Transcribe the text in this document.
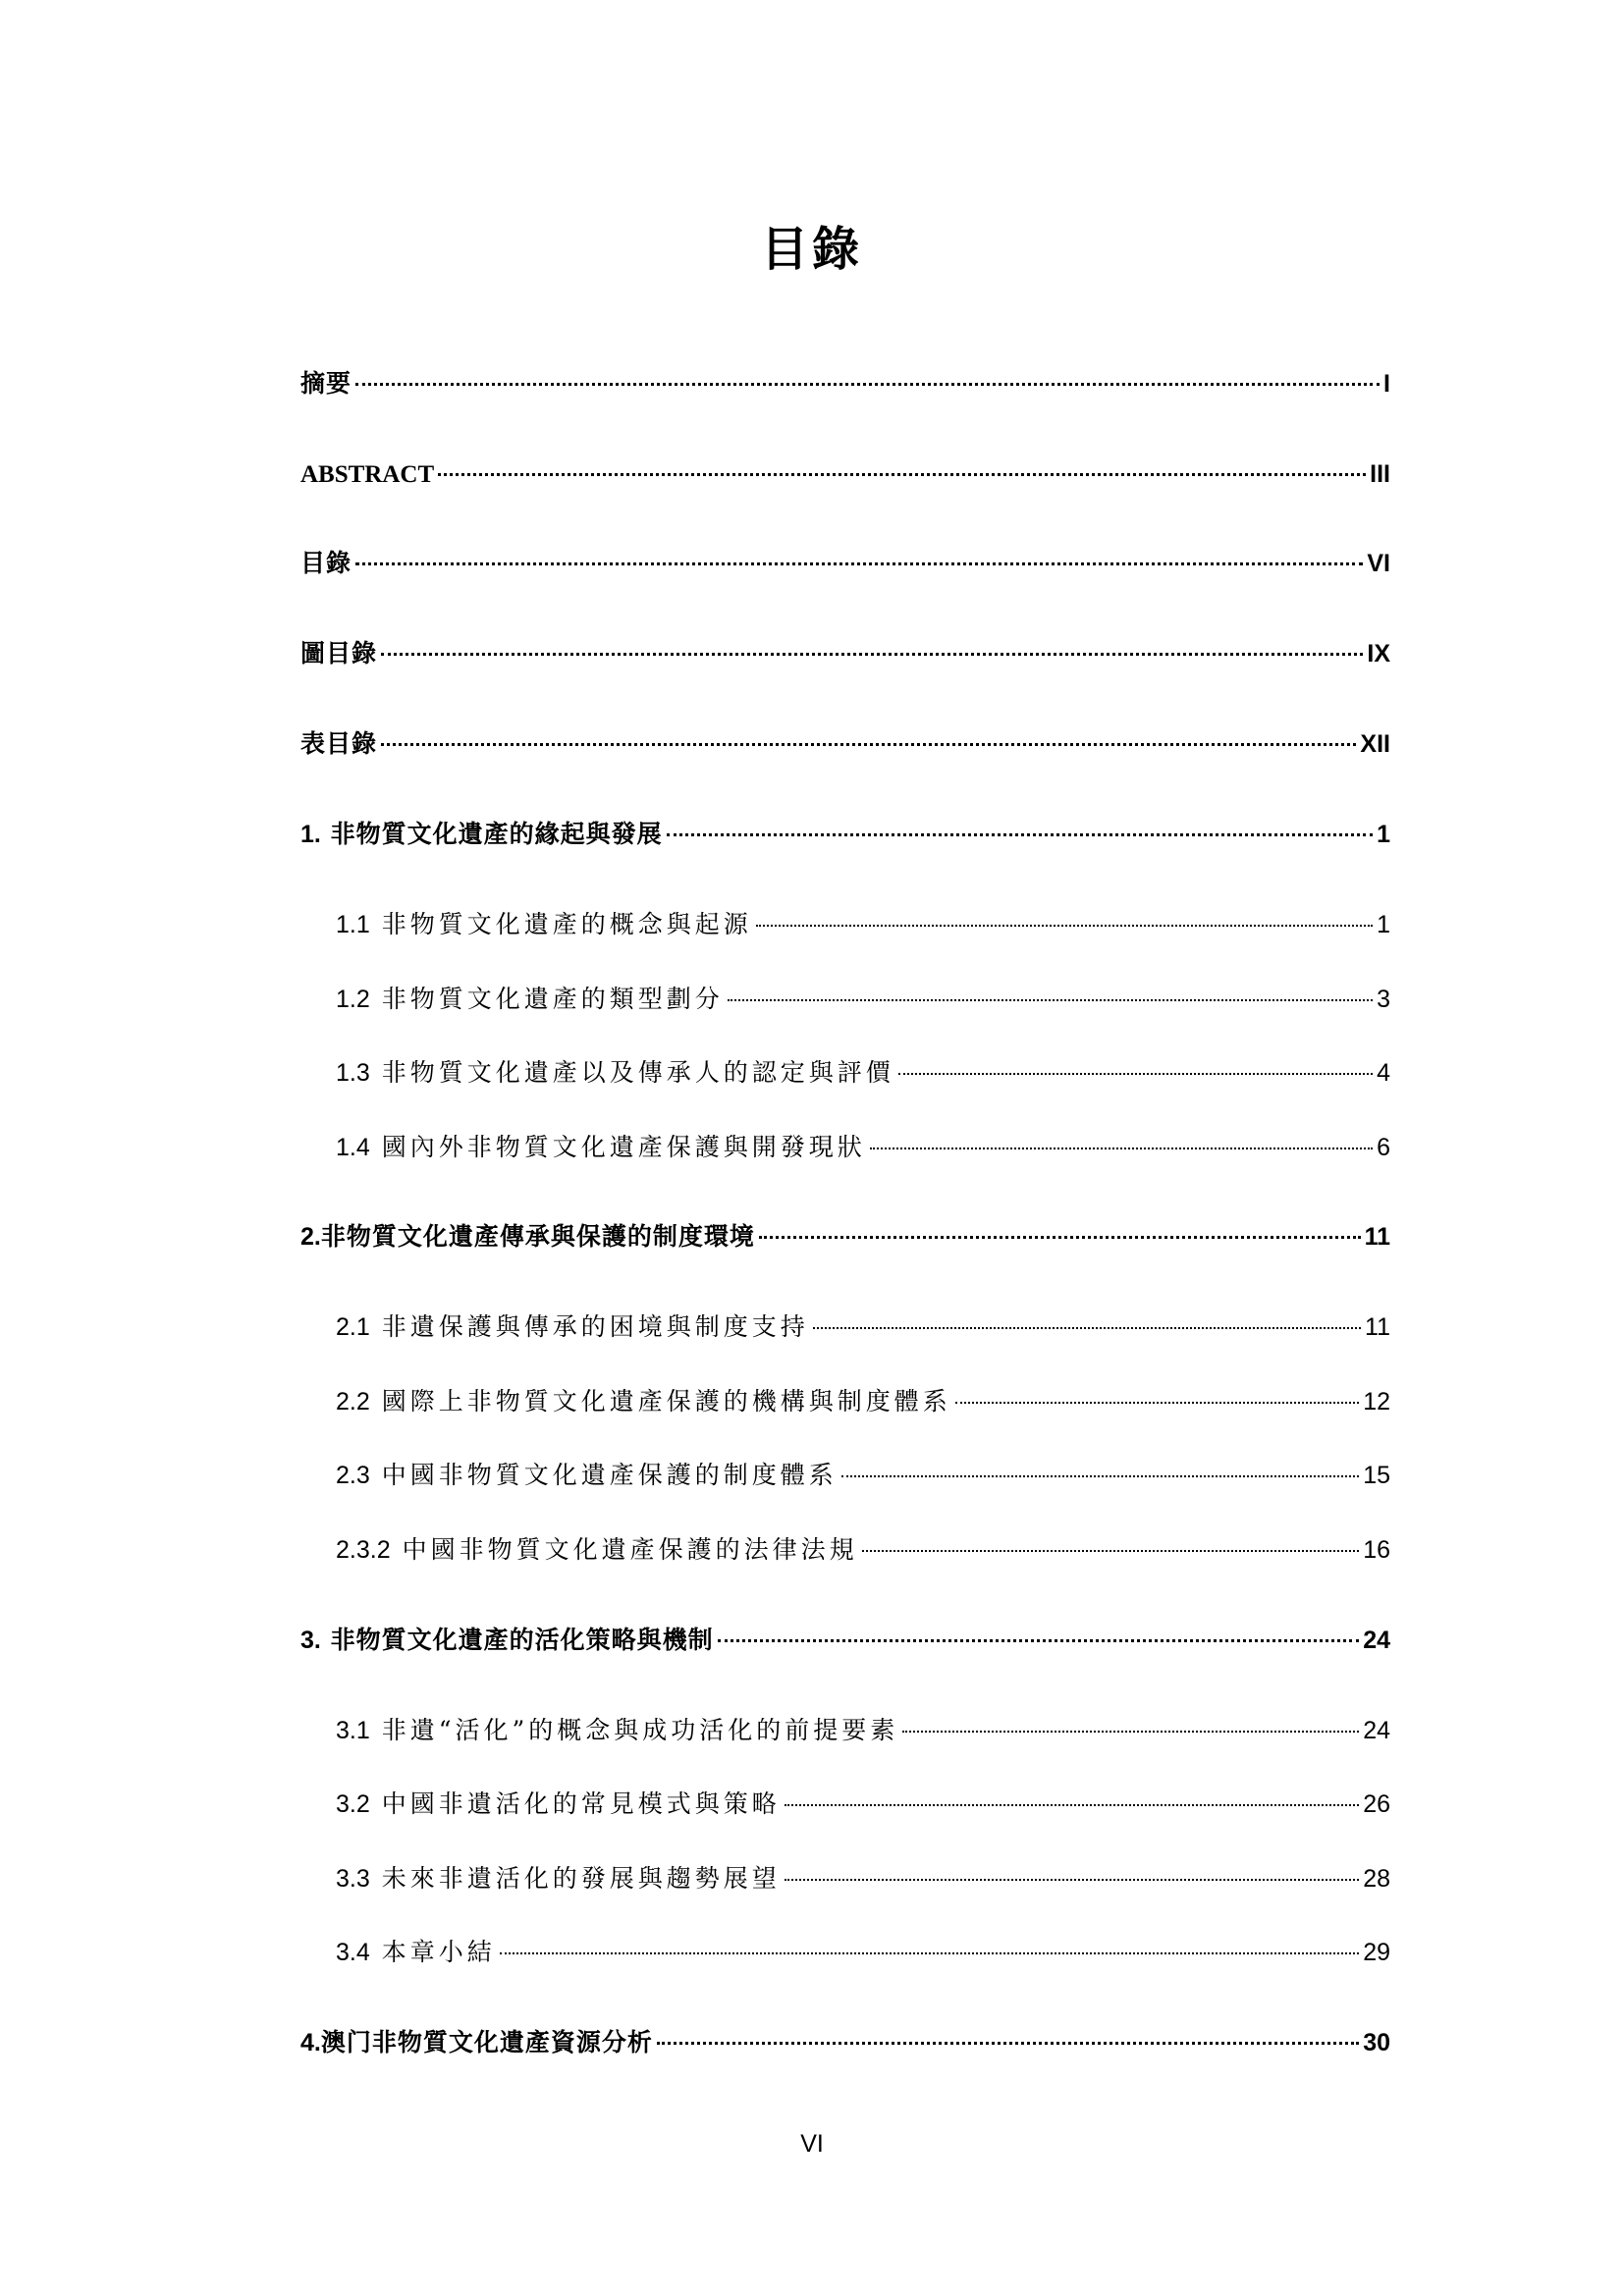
目錄
摘要	I
ABSTRACT	III
目錄	VI
圖目錄	IX
表目錄	XII
1. 非物質文化遺產的緣起與發展	1
1.1 非物質文化遺產的概念與起源	1
1.2 非物質文化遺產的類型劃分	3
1.3 非物質文化遺產以及傳承人的認定與評價	4
1.4 國內外非物質文化遺產保護與開發現狀	6
2.非物質文化遺產傳承與保護的制度環境	11
2.1 非遺保護與傳承的困境與制度支持	11
2.2 國際上非物質文化遺產保護的機構與制度體系	12
2.3 中國非物質文化遺產保護的制度體系	15
2.3.2 中國非物質文化遺產保護的法律法規	16
3. 非物質文化遺產的活化策略與機制	24
3.1 非遺“活化”的概念與成功活化的前提要素	24
3.2 中國非遺活化的常見模式與策略	26
3.3 未來非遺活化的發展與趨勢展望	28
3.4 本章小結	29
4.澳门非物質文化遺產資源分析	30
VI
